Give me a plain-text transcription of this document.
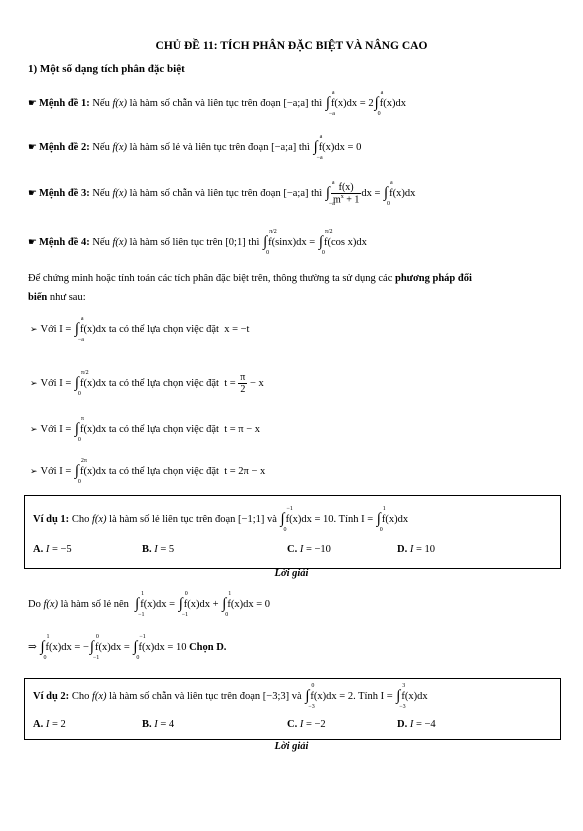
CHỦ ĐỀ 11: TÍCH PHÂN ĐẶC BIỆT VÀ NÂNG CAO
1) Một số dạng tích phân đặc biệt
☛ Mệnh đề 1: Nếu f(x) là hàm số chẵn và liên tục trên đoạn [−a;a] thì ∫
a
−a
f(x)dx = 2∫
a
0
f(x)dx
☛ Mệnh đề 2: Nếu f(x) là hàm số lẻ và liên tục trên đoạn [−a;a] thì ∫
a
−a
f(x)dx = 0
☛ Mệnh đề 3: Nếu f(x) là hàm số chẵn và liên tục trên đoạn [−a;a] thì ∫
a
−a
$\frac{f(x)}{m^x + 1}$ dx = ∫
a
0
f(x)dx
☛ Mệnh đề 4: Nếu f(x) là hàm số liên tục trên [0;1] thì ∫
π/2
0
f(sinx)dx = ∫
π/2
0
f(cos x)dx
Để chứng minh hoặc tính toán các tích phân đặc biệt trên, thông thường ta sử dụng các phương pháp đổi
biến như sau:
➢ Với I = ∫
a
−a
f(x)dx ta có thể lựa chọn việc đặt  x = −t
➢ Với I = ∫
π/2
0
f(x)dx ta có thể lựa chọn việc đặt  $t = \frac{\pi}{2} - x$
➢ Với I = ∫
π
0
f(x)dx ta có thể lựa chọn việc đặt  t = π − x
➢ Với I = ∫
2π
0
f(x)dx ta có thể lựa chọn việc đặt  t = 2π − x
Ví dụ 1: Cho f(x) là hàm số lẻ liên tục trên đoạn [−1;1] và ∫
−1
0
f(x)dx = 10. Tính I = ∫
1
0
f(x)dx
A. I = −5	B. I = 5	C. I = −10	D. I = 10
Lời giải
Do f(x) là hàm số lẻ nên  ∫
1
−1
f(x)dx = ∫
0
−1
f(x)dx + ∫
1
0
f(x)dx = 0
⇒ ∫
1
0
f(x)dx = −∫
0
−1
f(x)dx = ∫
−1
0
f(x)dx = 10 Chọn D.
Ví dụ 2: Cho f(x) là hàm số chẵn và liên tục trên đoạn [−3;3] và ∫
0
−3
f(x)dx = 2. Tính I = ∫
3
−3
f(x)dx
A. I = 2	B. I = 4	C. I = −2	D. I = −4
Lời giải
